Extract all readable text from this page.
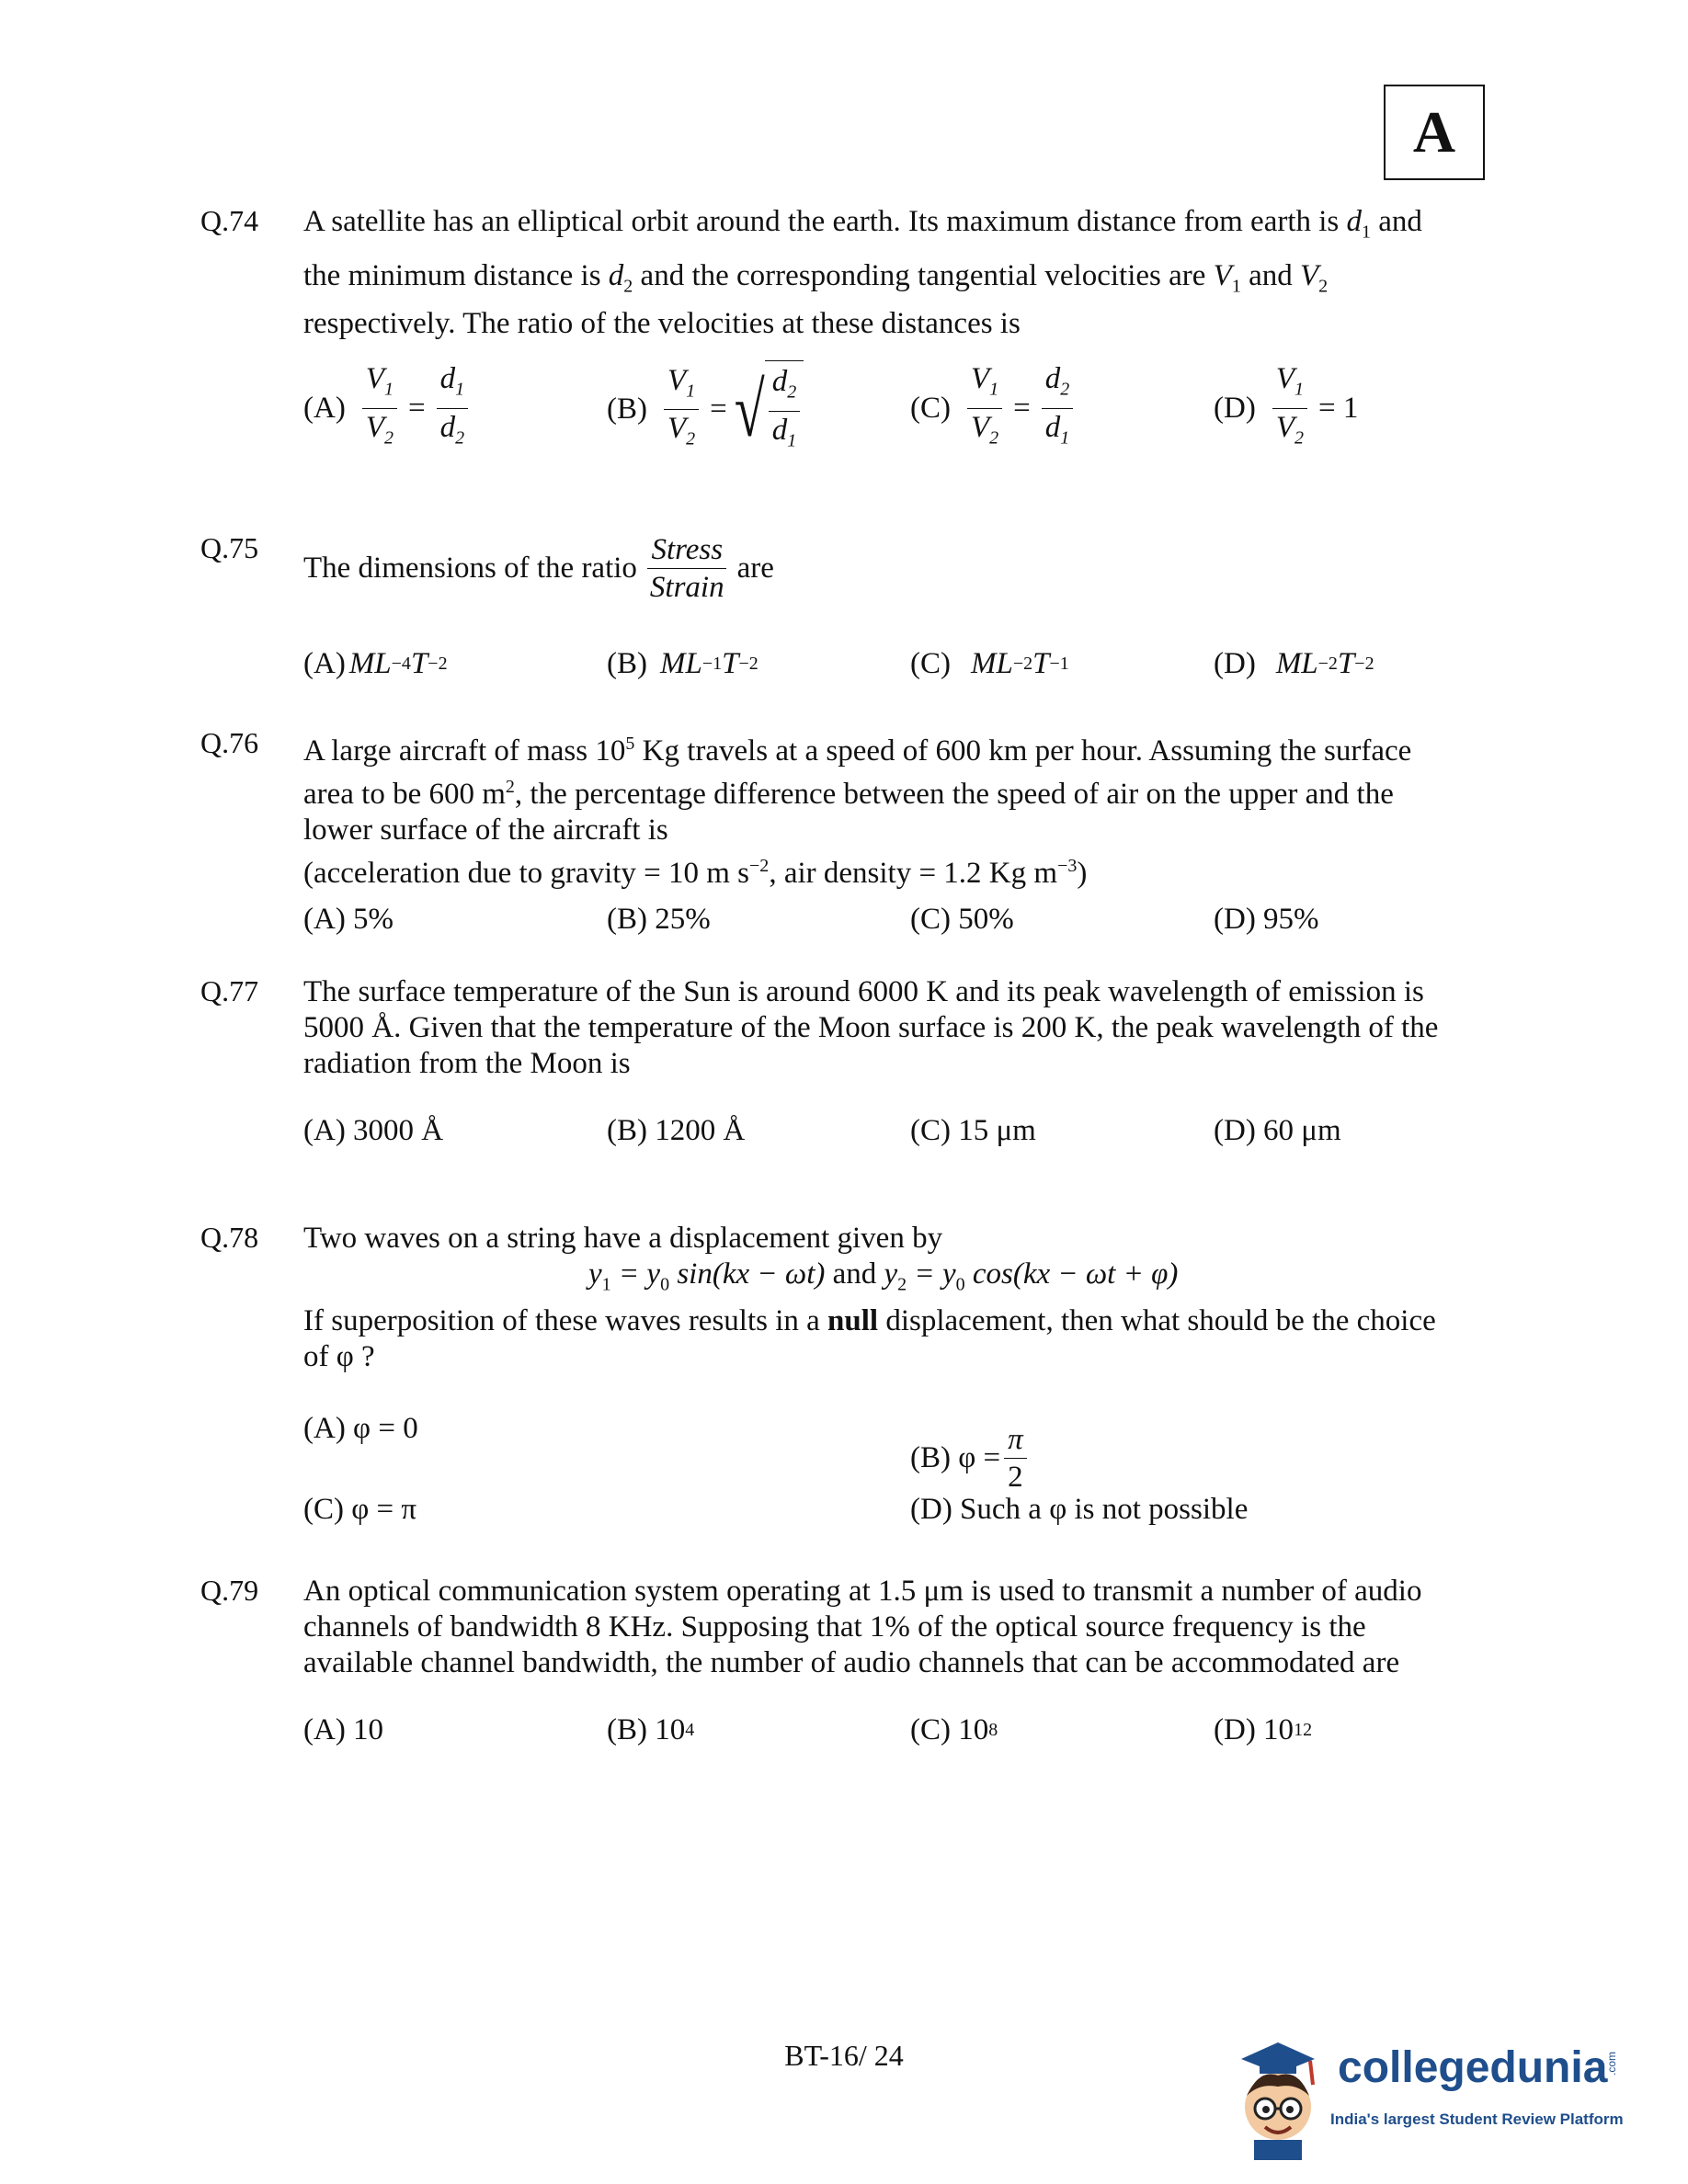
A
Q.74 A satellite has an elliptical orbit around the earth. Its maximum distance from earth is $d_1$ and
the minimum distance is $d_2$ and the corresponding tangential velocities are $V_1$ and $V_2$
respectively. The ratio of the velocities at these distances is
$(A) \frac{V_1}{V_2} = \frac{d_1}{d_2}$	$(B) \frac{V_1}{V_2}$ = √ $\frac{d_2}{d_1}$	$(C) \frac{V_1}{V_2} = \frac{d_2}{d_1}$	$(D) \frac{V_1}{V_2} = 1$
Q.75
The dimensions of the ratio $\frac{\text{Stress}}{\text{Strain}}$ are
(A) ML −4 T −2	(B) ML −1 T −2	(C) ML −2 T −1	(D) ML −2 T −2
Q.76 A large aircraft of mass $10^5$ Kg travels at a speed of 600 km per hour. Assuming the surface
area to be 600 $m^2$, the percentage difference between the speed of air on the upper and the
lower surface of the aircraft is
(acceleration due to gravity = 10 m $s^{-2}$, air density = 1.2 Kg $m^{-3}$)
(A) 5%	(B) 25%	(C) 50%	(D) 95%
Q.77 The surface temperature of the Sun is around 6000 K and its peak wavelength of emission is
5000 Å. Given that the temperature of the Moon surface is 200 K, the peak wavelength of the
radiation from the Moon is
(A) 3000 Å	(B) 1200 Å	(C) 15 μm	(D) 60 μm
Q.78 Two waves on a string have a displacement given by
$y_1 = y_0$ sin(kx − ωt) and $y_2 = y_0$ cos(kx − ωt + φ)
If superposition of these waves results in a null displacement, then what should be the choice
of φ ?
(A) φ = 0
(B) $\varphi = \frac{\pi}{2}$
(C) φ = π	(D) Such a φ is not possible
Q.79 An optical communication system operating at 1.5 μm is used to transmit a number of audio
channels of bandwidth 8 KHz. Supposing that 1% of the optical source frequency is the
available channel bandwidth, the number of audio channels that can be accommodated are
(A) 10	(B) 10 4	(C) 10 8	(D) 10 12
BT-16/ 24	collegedunia
.com
India's largest Student Review Platform
